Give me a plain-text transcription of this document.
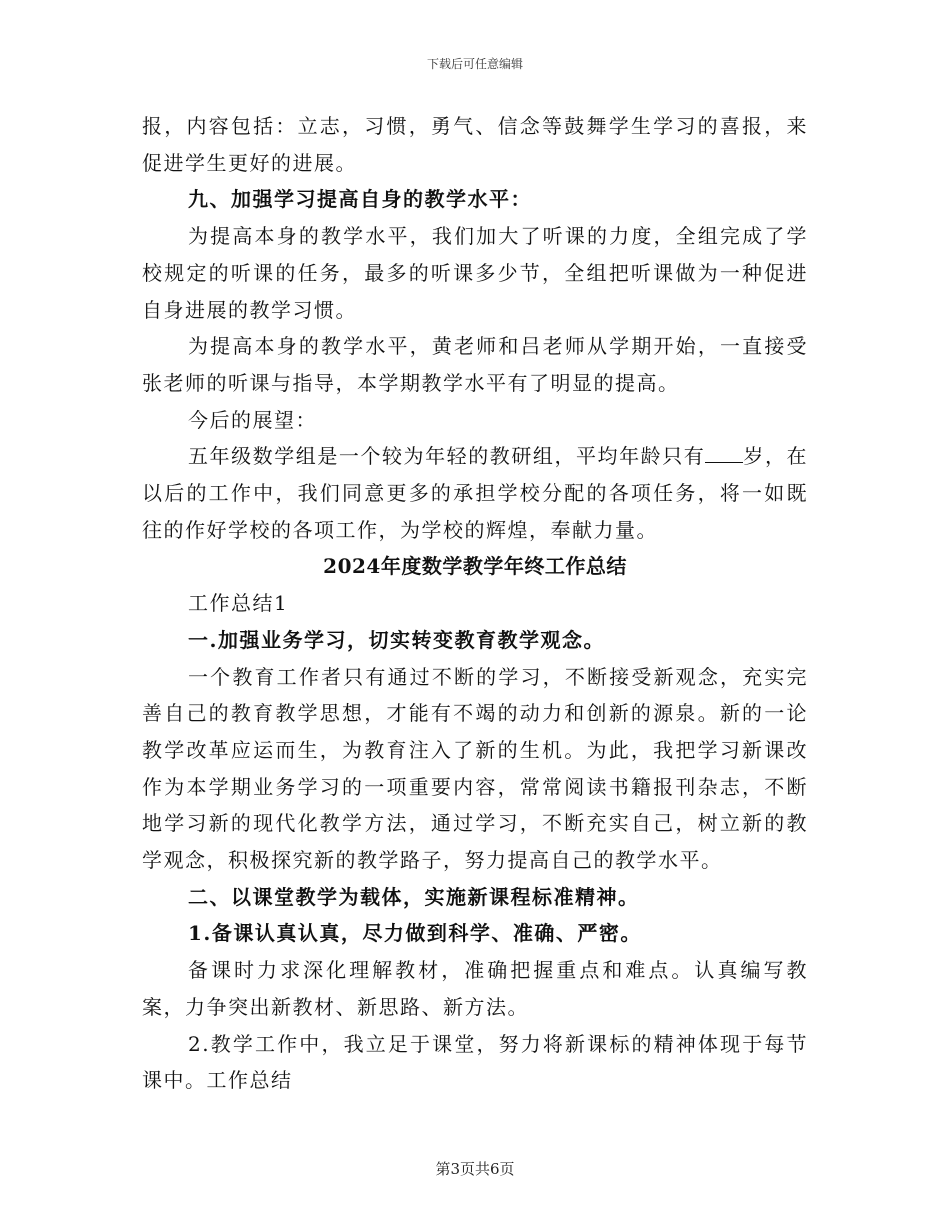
下载后可任意编辑

报，内容包括：立志，习惯，勇气、信念等鼓舞学生学习的喜报，来促进学生更好的进展。

九、加强学习提高自身的教学水平：

为提高本身的教学水平，我们加大了听课的力度，全组完成了学校规定的听课的任务，最多的听课多少节，全组把听课做为一种促进自身进展的教学习惯。

为提高本身的教学水平，黄老师和吕老师从学期开始，一直接受张老师的听课与指导，本学期教学水平有了明显的提高。

今后的展望：

五年级数学组是一个较为年轻的教研组，平均年龄只有 岁，在以后的工作中，我们同意更多的承担学校分配的各项任务，将一如既往的作好学校的各项工作，为学校的辉煌，奉献力量。

2024年度数学教学年终工作总结

工作总结1

一.加强业务学习，切实转变教育教学观念。

一个教育工作者只有通过不断的学习，不断接受新观念，充实完善自己的教育教学思想，才能有不竭的动力和创新的源泉。新的一论教学改革应运而生，为教育注入了新的生机。为此，我把学习新课改作为本学期业务学习的一项重要内容，常常阅读书籍报刊杂志，不断地学习新的现代化教学方法，通过学习，不断充实自己，树立新的教学观念，积极探究新的教学路子，努力提高自己的教学水平。

二、以课堂教学为载体，实施新课程标准精神。

1.备课认真认真，尽力做到科学、准确、严密。

备课时力求深化理解教材，准确把握重点和难点。认真编写教案，力争突出新教材、新思路、新方法。

2.教学工作中，我立足于课堂，努力将新课标的精神体现于每节课中。工作总结

第3页共6页
